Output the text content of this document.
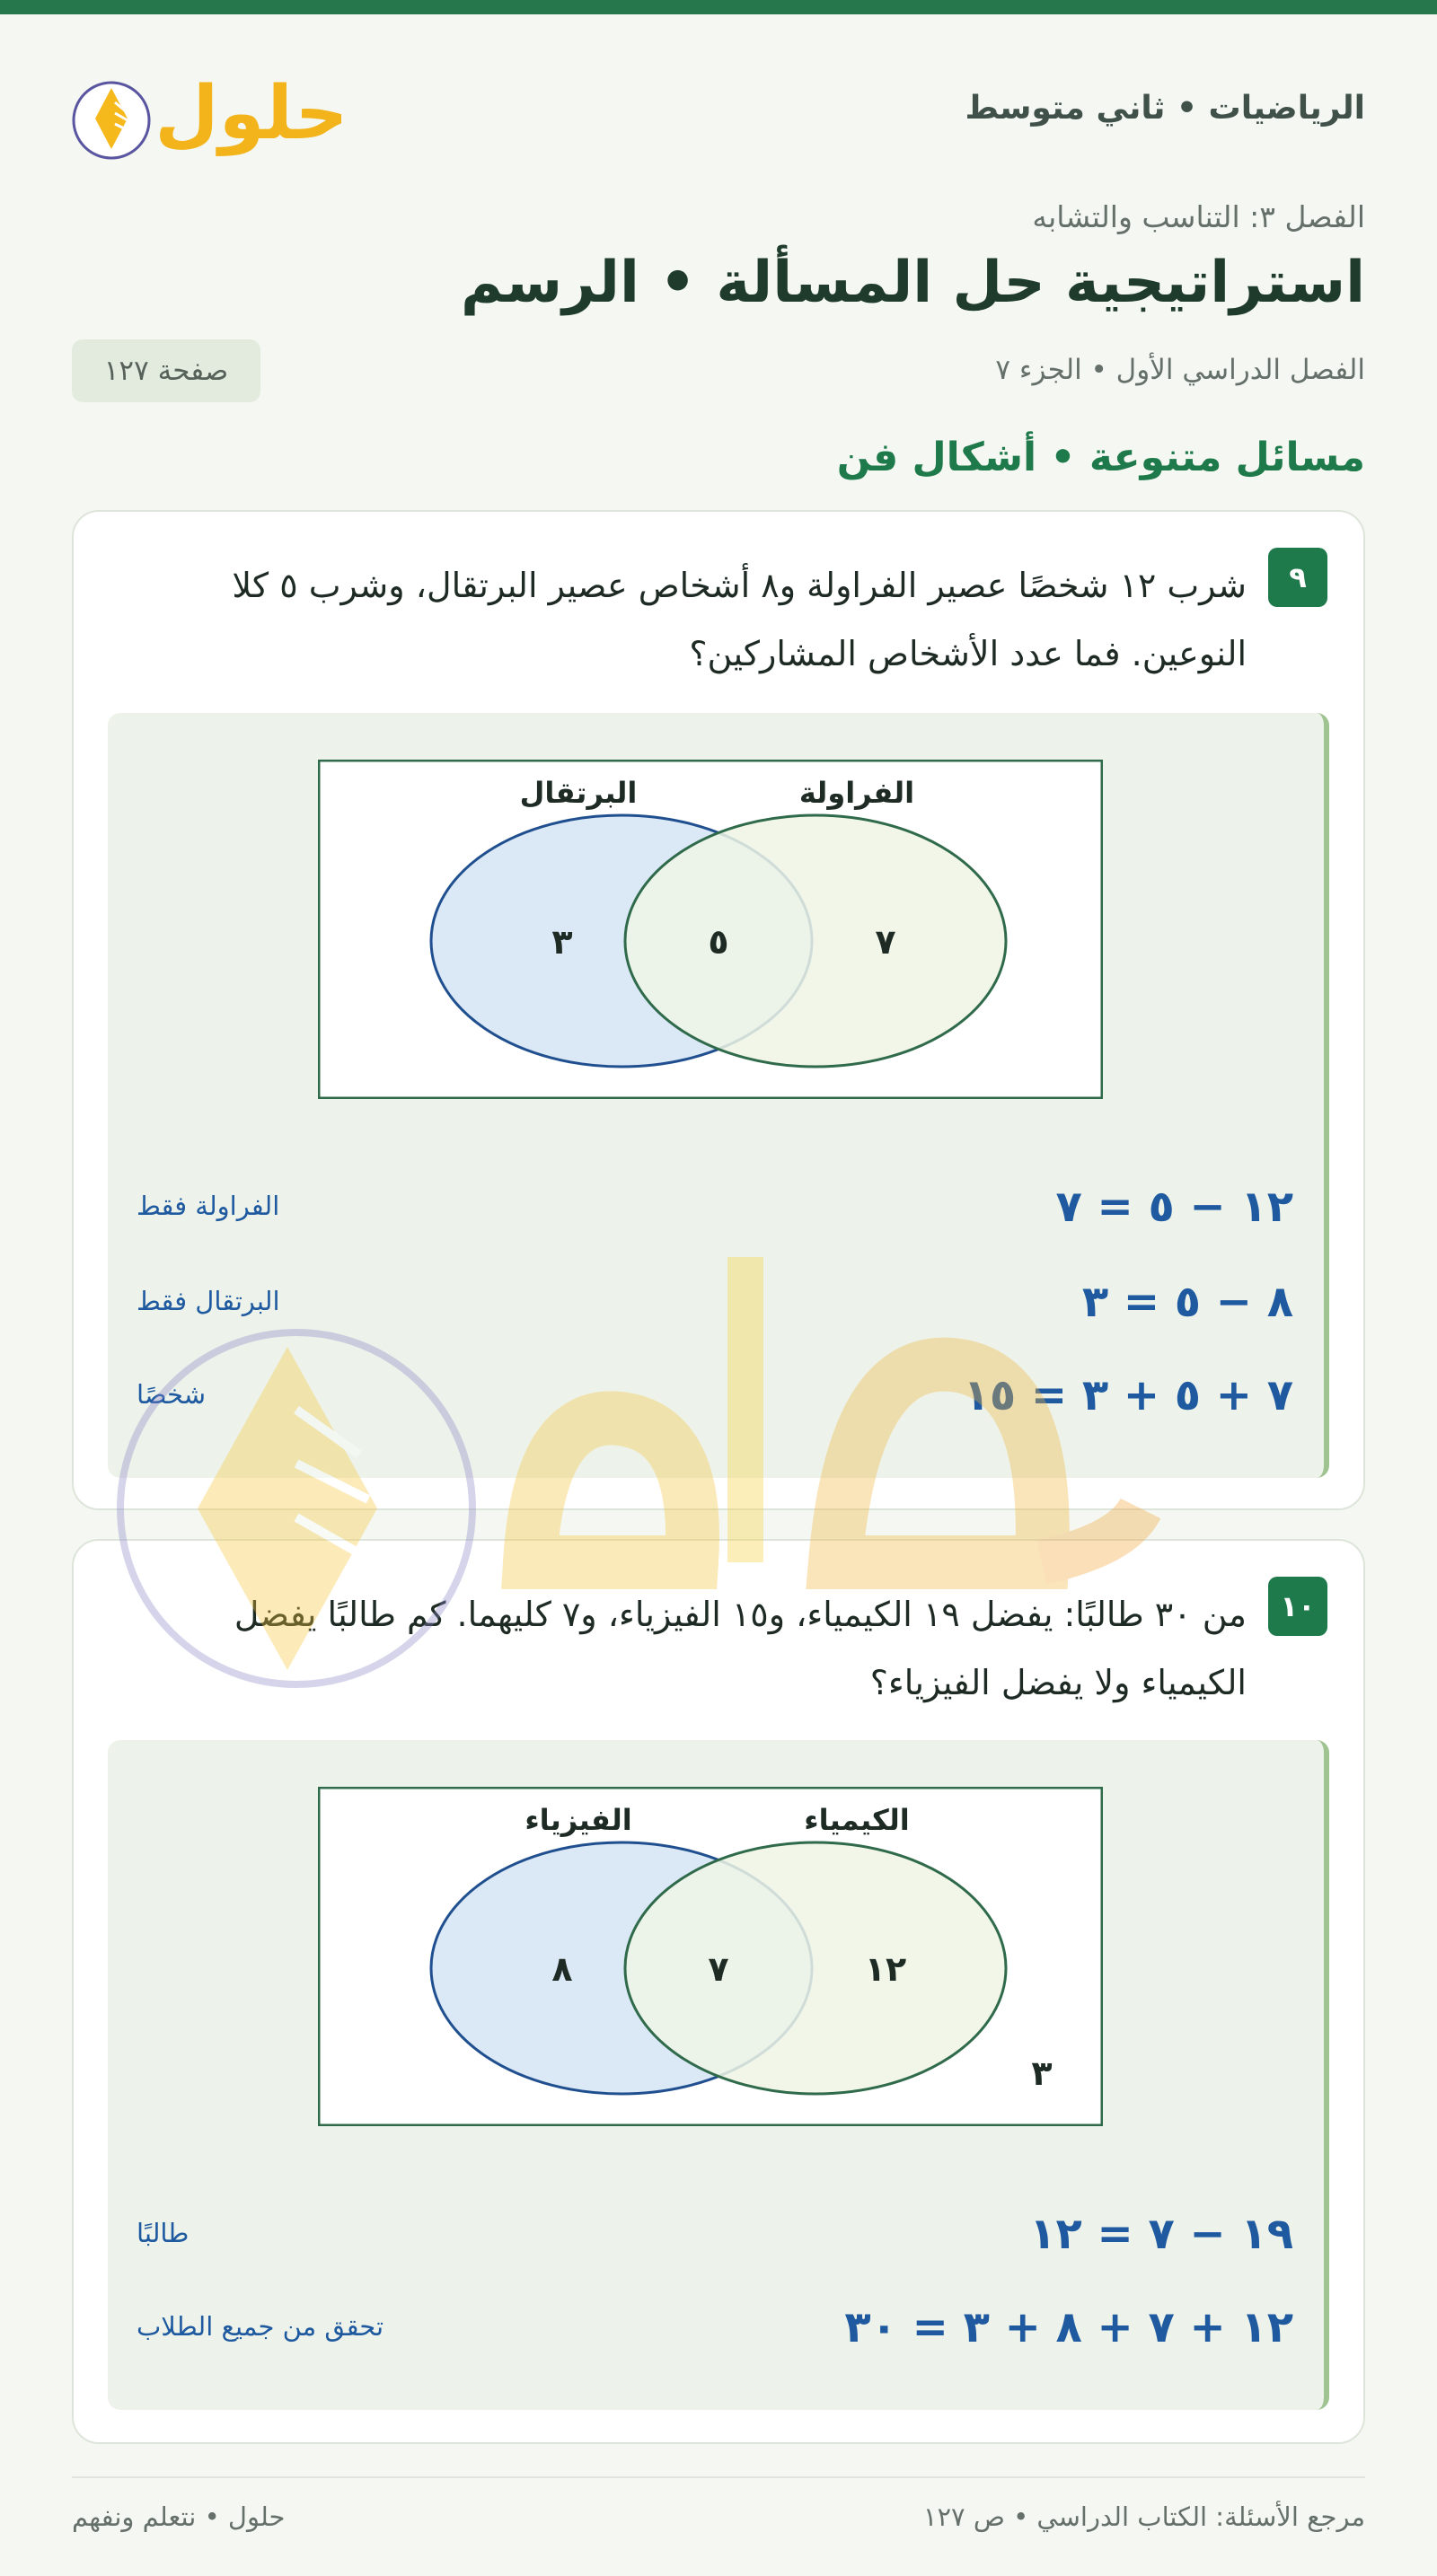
الرياضيات • ثاني متوسط
حلول
الفصل ٣: التناسب والتشابه
استراتيجية حل المسألة • الرسم
الفصل الدراسي الأول • الجزء ٧
صفحة ١٢٧
مسائل متنوعة • أشكال فن
٩
شرب ١٢ شخصًا عصير الفراولة و٨ أشخاص عصير البرتقال، وشرب ٥ كلا النوعين. فما عدد الأشخاص المشاركين؟
البرتقال	الفراولة
٣	٥	٧
١٢ − ٥ = ٧
الفراولة فقط
٨ − ٥ = ٣
البرتقال فقط
٧ + ٥ + ٣ = ١٥
شخصًا
١٠
من ٣٠ طالبًا: يفضل ١٩ الكيمياء، و١٥ الفيزياء، و٧ كليهما. كم طالبًا يفضل الكيمياء ولا يفضل الفيزياء؟
الفيزياء	الكيمياء
٨	٧	١٢
٣
١٩ − ٧ = ١٢
طالبًا
١٢ + ٧ + ٨ + ٣ = ٣٠
تحقق من جميع الطلاب
مرجع الأسئلة: الكتاب الدراسي • ص ١٢٧
حلول • نتعلم ونفهم
